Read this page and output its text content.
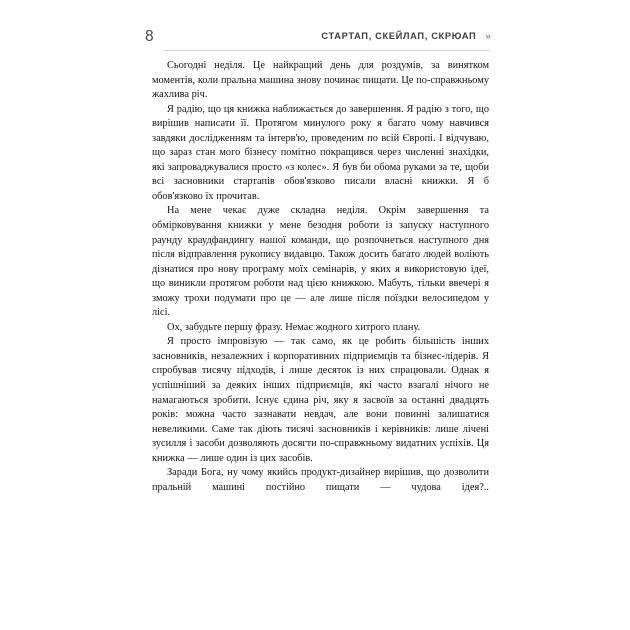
8	СТАРТАП, СКЕЙЛАП, СКРЮАП »

Сьогодні неділя. Це найкращий день для роздумів, за винятком моментів, коли пральна машина знову починає пищати. Це по-справжньому жахлива річ.

Я радію, що ця книжка наближається до завершення. Я радію з того, що вирішив написати її. Протягом минулого року я багато чому навчився завдяки дослідженням та інтерв'ю, проведеним по всій Європі. І відчуваю, що зараз стан мого бізнесу помітно покращився через численні знахідки, які запроваджувалися просто «з колес». Я був би обома руками за те, щоби всі засновники стартапів обов'язково писали власні книжки. Я б обов'язково їх прочитав.

На мене чекає дуже складна неділя. Окрім завершення та обмірковування книжки у мене безодня роботи із запуску наступного раунду краудфандингу нашої команди, що розпочнеться наступного дня після відправлення рукопису видавцю. Також досить багато людей воліють дізнатися про нову програму моїх семінарів, у яких я використовую ідеї, що виникли протягом роботи над цією книжкою. Мабуть, тільки ввечері я зможу трохи подумати про це — але лише після поїздки велосипедом у лісі.

Ох, забудьте першу фразу. Немає жодного хитрого плану.

Я просто імпровізую — так само, як це робить більшість інших засновників, незалежних і корпоративних підприємців та бізнес-лідерів. Я спробував тисячу підходів, і лише десяток із них спрацювали. Однак я успішніший за деяких інших підприємців, які часто взагалі нічого не намагаються зробити. Існує єдина річ, яку я засвоїв за останні двадцять років: можна часто зазнавати невдач, але вони повинні залишатися невеликими. Саме так діють тисячі засновників і керівників: лише лічені зусилля і засоби дозволяють досягти по-справжньому видатних успіхів. Ця книжка — лише один із цих засобів.

Заради Бога, ну чому якийсь продукт-дизайнер вирішив, що дозволити пральній машині постійно пищати — чудова ідея?..
